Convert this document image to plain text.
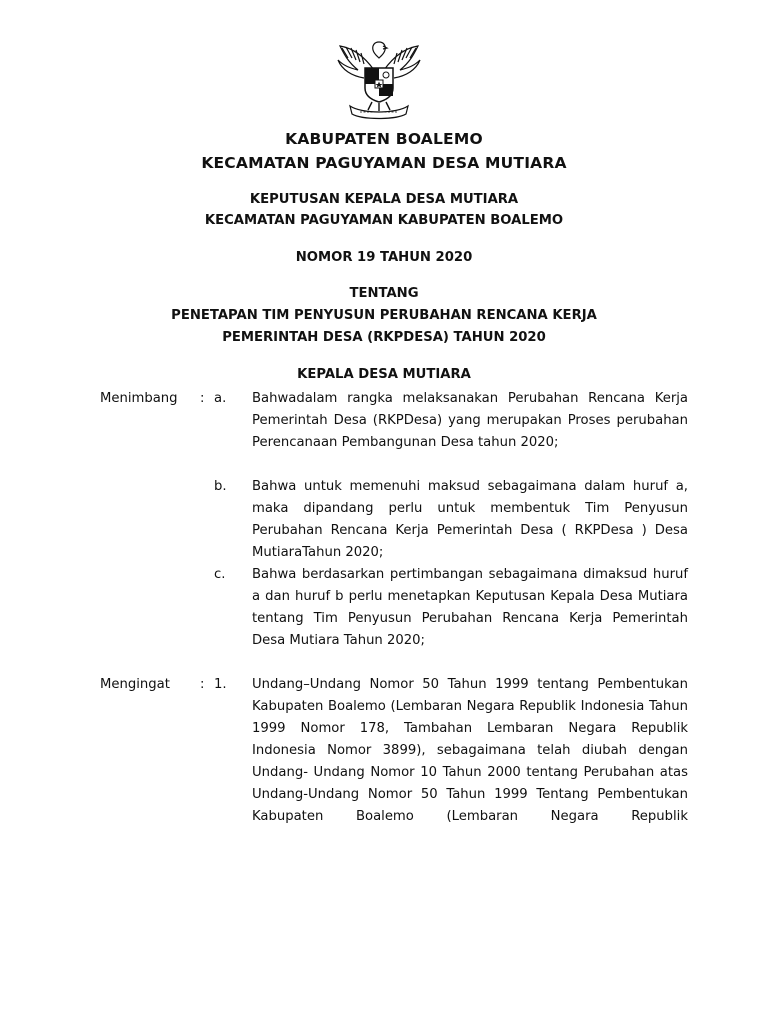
KABUPATEN BOALEMO
KECAMATAN PAGUYAMAN DESA MUTIARA
KEPUTUSAN KEPALA DESA MUTIARA
KECAMATAN PAGUYAMAN KABUPATEN BOALEMO
NOMOR 19 TAHUN 2020
TENTANG
PENETAPAN TIM PENYUSUN PERUBAHAN RENCANA KERJA
PEMERINTAH DESA (RKPDESA) TAHUN 2020
KEPALA DESA MUTIARA
Menimbang : a. Bahwadalam rangka melaksanakan Perubahan Rencana Kerja Pemerintah Desa (RKPDesa) yang merupakan Proses perubahan Perencanaan Pembangunan Desa tahun 2020;
b. Bahwa untuk memenuhi maksud sebagaimana dalam huruf a, maka dipandang perlu untuk membentuk Tim Penyusun Perubahan Rencana Kerja Pemerintah Desa ( RKPDesa ) Desa MutiaraTahun 2020;
c. Bahwa berdasarkan pertimbangan sebagaimana dimaksud huruf a dan huruf b perlu menetapkan Keputusan Kepala Desa Mutiara tentang Tim Penyusun Perubahan Rencana Kerja Pemerintah Desa Mutiara Tahun 2020;
Mengingat : 1. Undang–Undang Nomor 50 Tahun 1999 tentang Pembentukan Kabupaten Boalemo (Lembaran Negara Republik Indonesia Tahun 1999 Nomor 178, Tambahan Lembaran Negara Republik Indonesia Nomor 3899), sebagaimana telah diubah dengan Undang- Undang Nomor 10 Tahun 2000 tentang Perubahan atas Undang-Undang Nomor 50 Tahun 1999 Tentang Pembentukan Kabupaten Boalemo (Lembaran Negara Republik
